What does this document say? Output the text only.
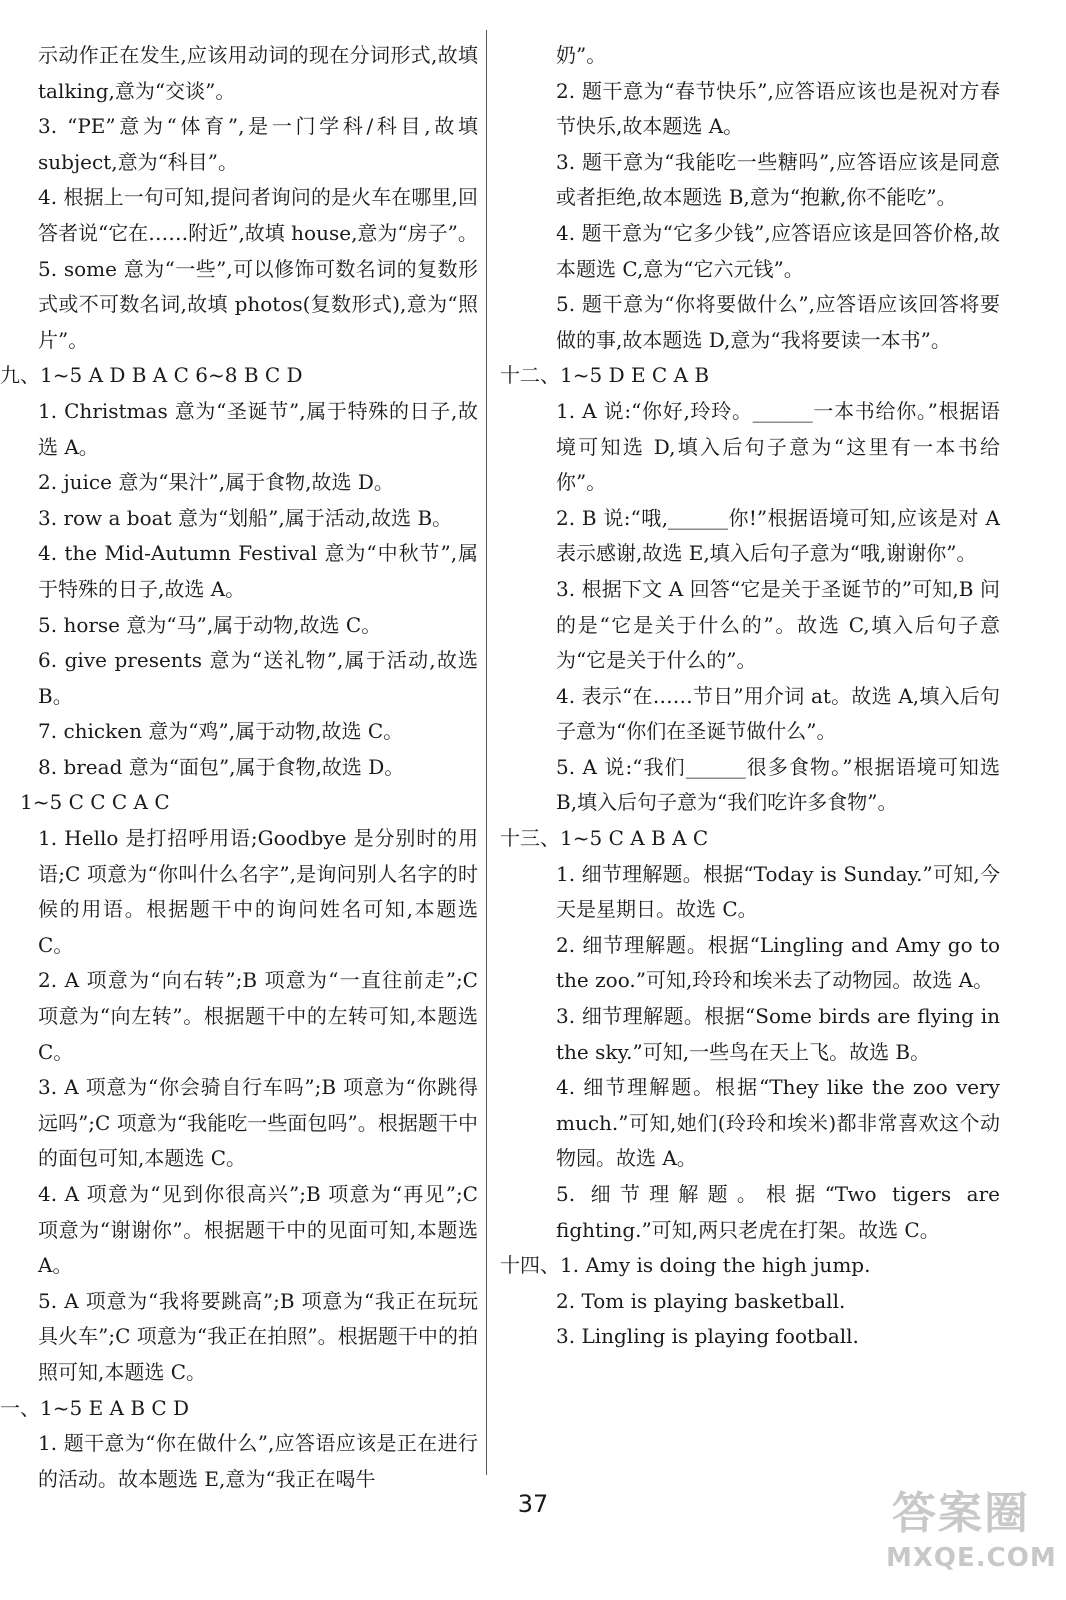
示动作正在发生,应该用动词的现在分词形式,故填 talking,意为“交谈”。

3. “PE”意为“体育”,是一门学科/科目,故填 subject,意为“科目”。

4. 根据上一句可知,提问者询问的是火车在哪里,回答者说“它在……附近”,故填 house,意为“房子”。

5. some 意为“一些”,可以修饰可数名词的复数形式或不可数名词,故填 photos(复数形式),意为“照片”。

九、1~5 A D B A C 6~8 B C D

1. Christmas 意为“圣诞节”,属于特殊的日子,故选 A。

2. juice 意为“果汁”,属于食物,故选 D。

3. row a boat 意为“划船”,属于活动,故选 B。

4. the Mid-Autumn Festival 意为“中秋节”,属于特殊的日子,故选 A。

5. horse 意为“马”,属于动物,故选 C。

6. give presents 意为“送礼物”,属于活动,故选 B。

7. chicken 意为“鸡”,属于动物,故选 C。

8. bread 意为“面包”,属于食物,故选 D。

1~5 C C C A C

1. Hello 是打招呼用语;Goodbye 是分别时的用语;C 项意为“你叫什么名字”,是询问别人名字的时候的用语。根据题干中的询问姓名可知,本题选 C。

2. A 项意为“向右转”;B 项意为“一直往前走”;C 项意为“向左转”。根据题干中的左转可知,本题选 C。

3. A 项意为“你会骑自行车吗”;B 项意为“你跳得远吗”;C 项意为“我能吃一些面包吗”。根据题干中的面包可知,本题选 C。

4. A 项意为“见到你很高兴”;B 项意为“再见”;C 项意为“谢谢你”。根据题干中的见面可知,本题选 A。

5. A 项意为“我将要跳高”;B 项意为“我正在玩玩具火车”;C 项意为“我正在拍照”。根据题干中的拍照可知,本题选 C。

一、1~5 E A B C D

1. 题干意为“你在做什么”,应答语应该是正在进行的活动。故本题选 E,意为“我正在喝牛

奶”。

2. 题干意为“春节快乐”,应答语应该也是祝对方春节快乐,故本题选 A。

3. 题干意为“我能吃一些糖吗”,应答语应该是同意或者拒绝,故本题选 B,意为“抱歉,你不能吃”。

4. 题干意为“它多少钱”,应答语应该是回答价格,故本题选 C,意为“它六元钱”。

5. 题干意为“你将要做什么”,应答语应该回答将要做的事,故本题选 D,意为“我将要读一本书”。

十二、1~5 D E C A B

1. A 说:“你好,玲玲。______一本书给你。”根据语境可知选 D,填入后句子意为“这里有一本书给你”。

2. B 说:“哦,______你!”根据语境可知,应该是对 A 表示感谢,故选 E,填入后句子意为“哦,谢谢你”。

3. 根据下文 A 回答“它是关于圣诞节的”可知,B 问的是“它是关于什么的”。故选 C,填入后句子意为“它是关于什么的”。

4. 表示“在……节日”用介词 at。故选 A,填入后句子意为“你们在圣诞节做什么”。

5. A 说:“我们______很多食物。”根据语境可知选 B,填入后句子意为“我们吃许多食物”。

十三、1~5 C A B A C

1. 细节理解题。根据“Today is Sunday.”可知,今天是星期日。故选 C。

2. 细节理解题。根据“Lingling and Amy go to the zoo.”可知,玲玲和埃米去了动物园。故选 A。

3. 细节理解题。根据“Some birds are flying in the sky.”可知,一些鸟在天上飞。故选 B。

4. 细节理解题。根据“They like the zoo very much.”可知,她们(玲玲和埃米)都非常喜欢这个动物园。故选 A。

5. 细节理解题。根据“Two tigers are fighting.”可知,两只老虎在打架。故选 C。

十四、1. Amy is doing the high jump.

2. Tom is playing basketball.

3. Lingling is playing football.

37	答案圈
MXQE.COM
